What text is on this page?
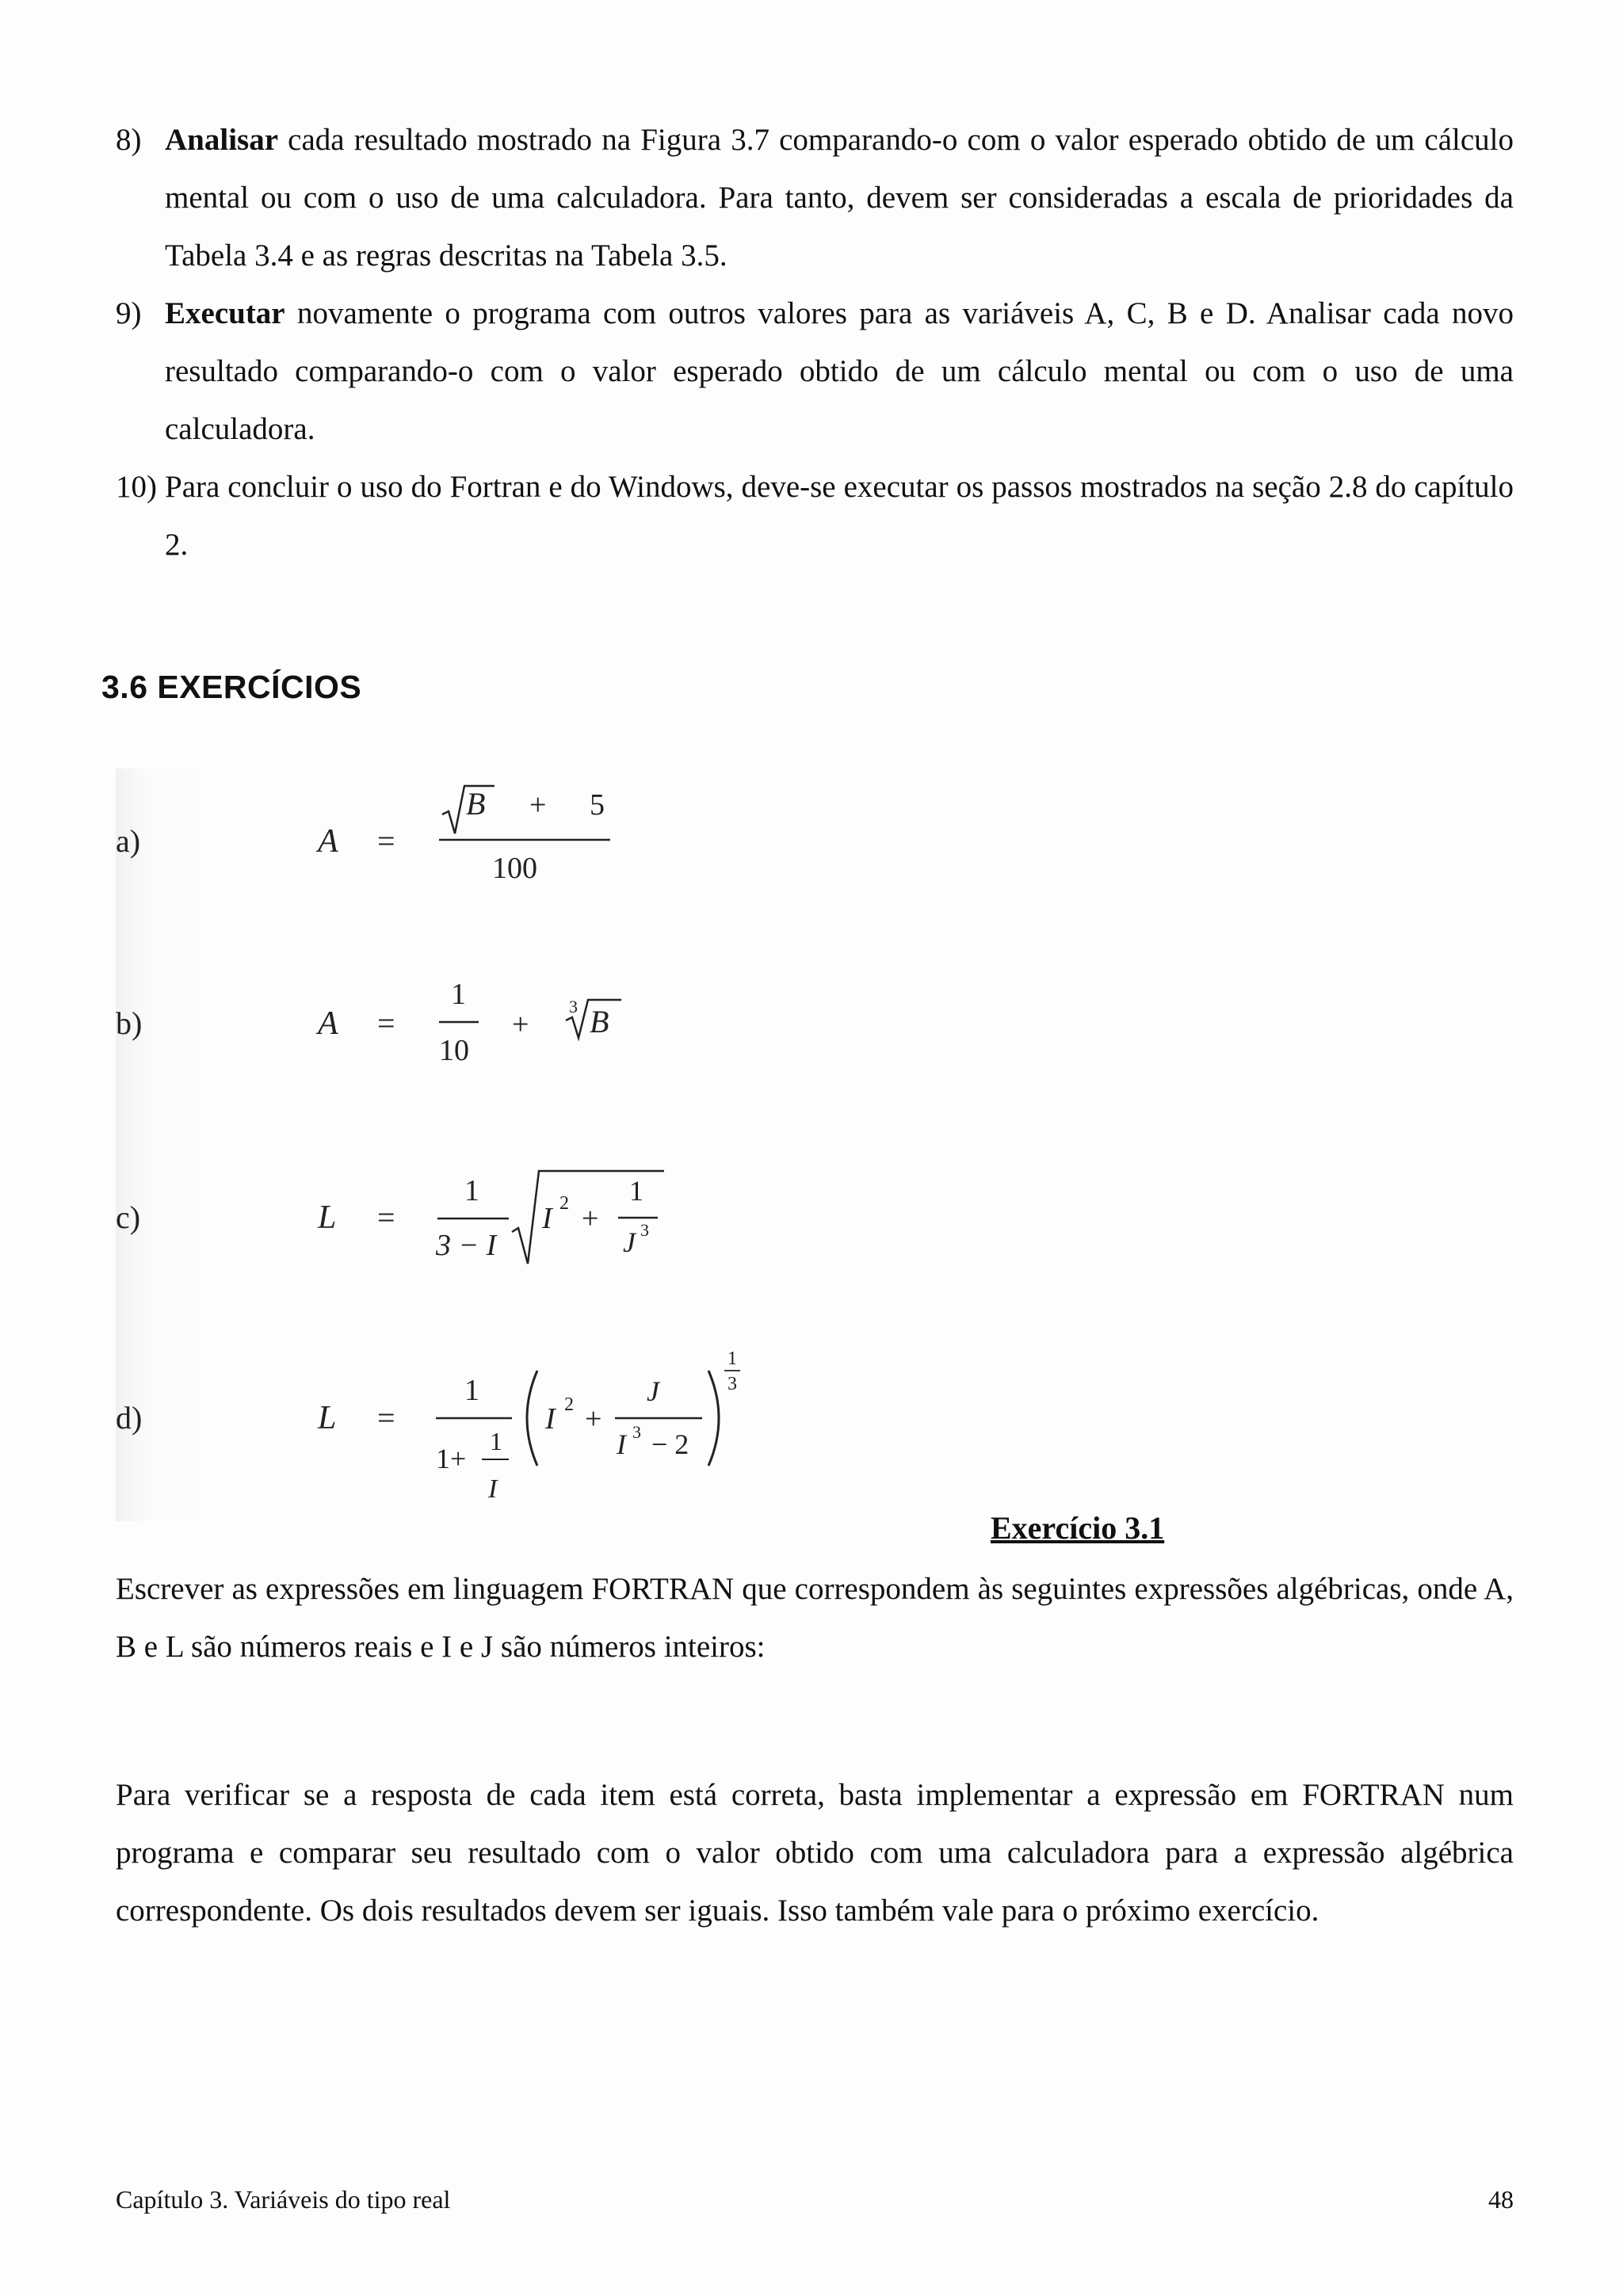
8) Analisar cada resultado mostrado na Figura 3.7 comparando-o com o valor esperado obtido de um cálculo mental ou com o uso de uma calculadora. Para tanto, devem ser consideradas a escala de prioridades da Tabela 3.4 e as regras descritas na Tabela 3.5.

9) Executar novamente o programa com outros valores para as variáveis A, C, B e D. Analisar cada novo resultado comparando-o com o valor esperado obtido de um cálculo mental ou com o uso de uma calculadora.

10) Para concluir o uso do Fortran e do Windows, deve-se executar os passos mostrados na seção 2.8 do capítulo 2.

3.6 EXERCÍCIOS
a)	A =
B + 5
100
b)	A =
1
10
+
3 B
c)	L =
1
3 − I
I 2 +
1
J 3
d)	L =
1
1+
1
I
I 2 +
J
I 3 − 2
1
3

Exercício 3.1

Escrever as expressões em linguagem FORTRAN que correspondem às seguintes expressões algébricas, onde A, B e L são números reais e I e J são números inteiros:

Para verificar se a resposta de cada item está correta, basta implementar a expressão em FORTRAN num programa e comparar seu resultado com o valor obtido com uma calculadora para a expressão algébrica correspondente. Os dois resultados devem ser iguais. Isso também vale para o próximo exercício.

Capítulo 3. Variáveis do tipo real	48
